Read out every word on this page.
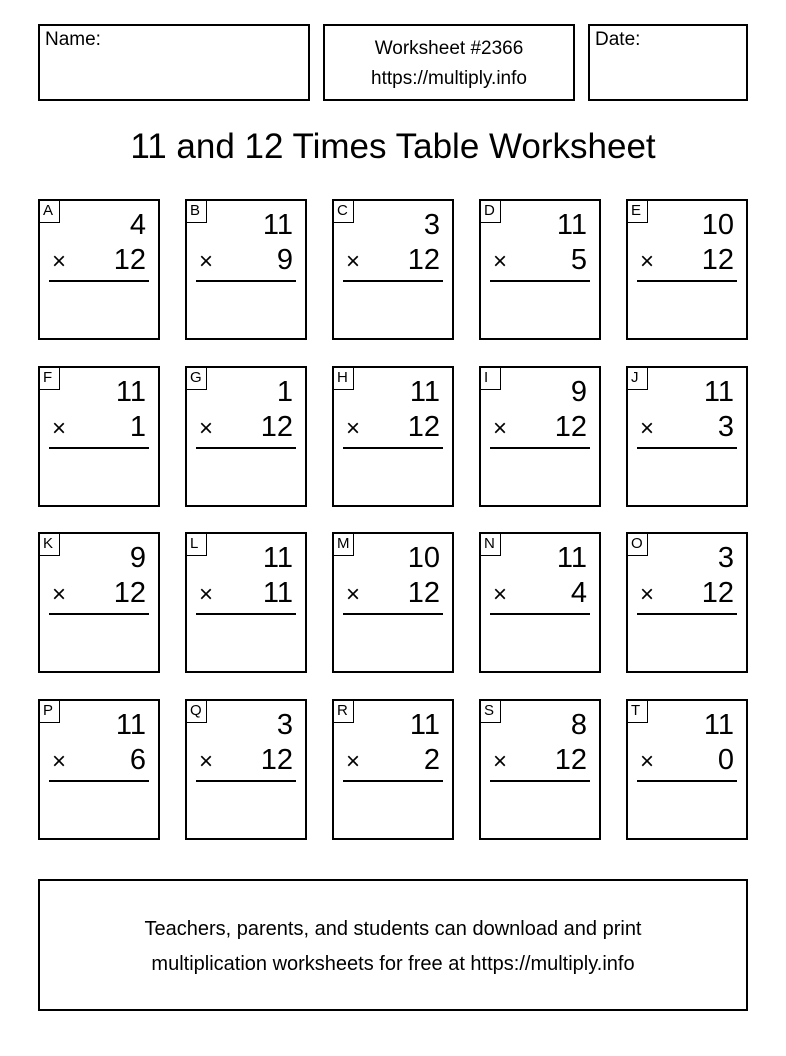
Name:	Worksheet #2366
https://multiply.info
Date:
11 and 12 Times Table Worksheet
A	4
× 12
B 11
× 9
C	3
× 12
D 11
× 5
E 10
× 12
F 11
× 1
G	1
× 12
H 11
× 12
I	9
× 12
J	11
× 3
K	9
× 12
L 11
× 11
M 10
× 12
N 11
× 4
O	3
× 12
P 11
× 6
Q	3
× 12
R 11
× 2
S	8
× 12
T 11
× 0
Teachers, parents, and students can download and print
multiplication worksheets for free at https://multiply.info
